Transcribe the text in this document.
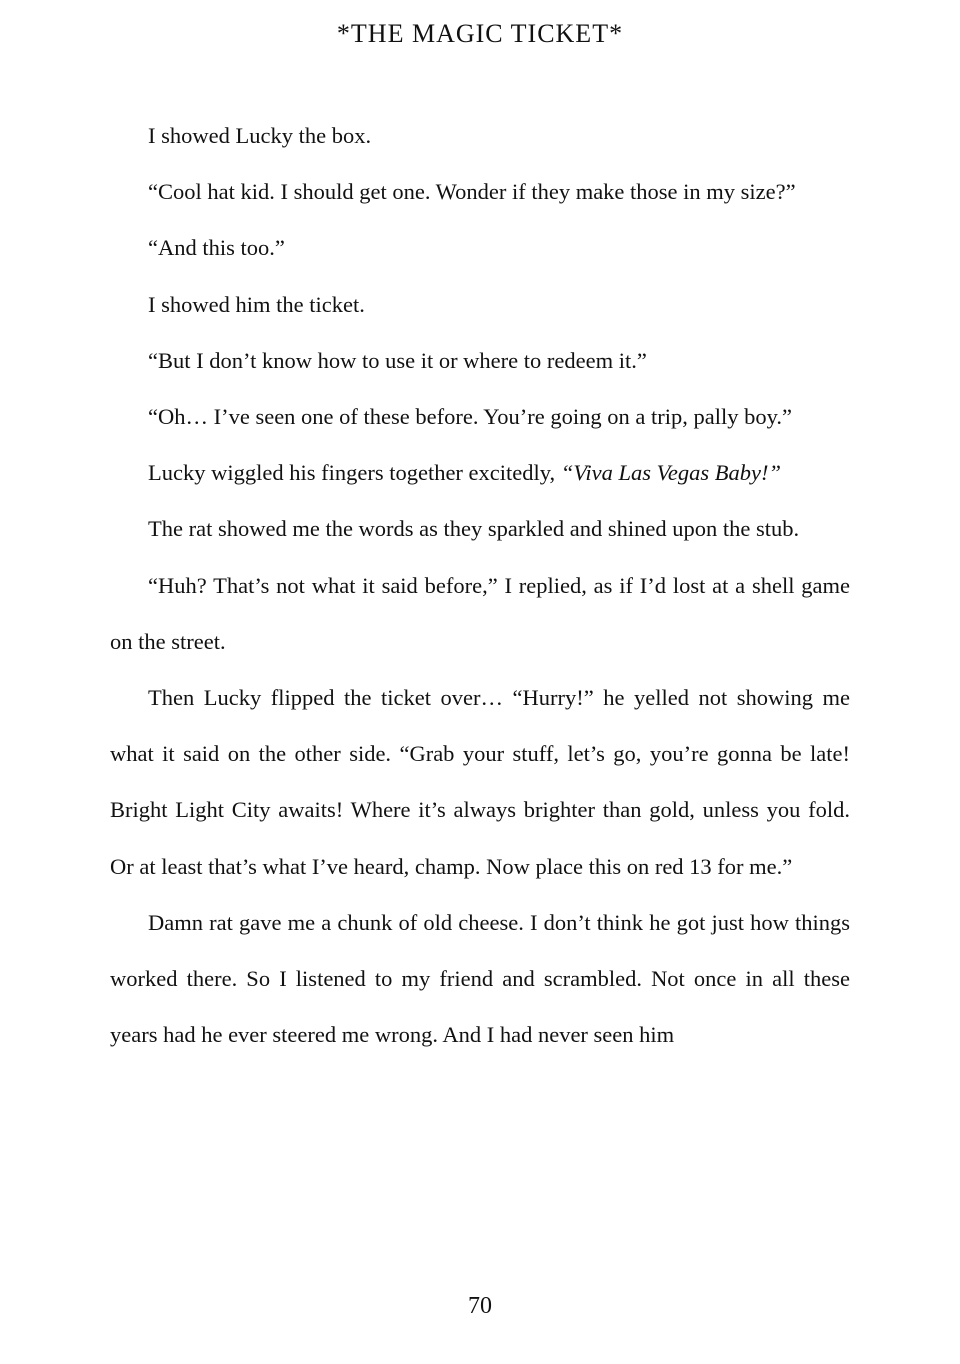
*THE MAGIC TICKET*

I showed Lucky the box.

“Cool hat kid. I should get one. Wonder if they make those in my size?”

“And this too.”

I showed him the ticket.

“But I don’t know how to use it or where to redeem it.”

“Oh… I’ve seen one of these before. You’re going on a trip, pally boy.”

Lucky wiggled his fingers together excitedly, “Viva Las Vegas Baby!”

The rat showed me the words as they sparkled and shined upon the stub.

“Huh? That’s not what it said before,” I replied, as if I’d lost at a shell game on the street.

Then Lucky flipped the ticket over… “Hurry!” he yelled not showing me what it said on the other side. “Grab your stuff, let’s go, you’re gonna be late! Bright Light City awaits! Where it’s always brighter than gold, unless you fold. Or at least that’s what I’ve heard, champ. Now place this on red 13 for me.”

Damn rat gave me a chunk of old cheese. I don’t think he got just how things worked there. So I listened to my friend and scrambled. Not once in all these years had he ever steered me wrong. And I had never seen him

70
